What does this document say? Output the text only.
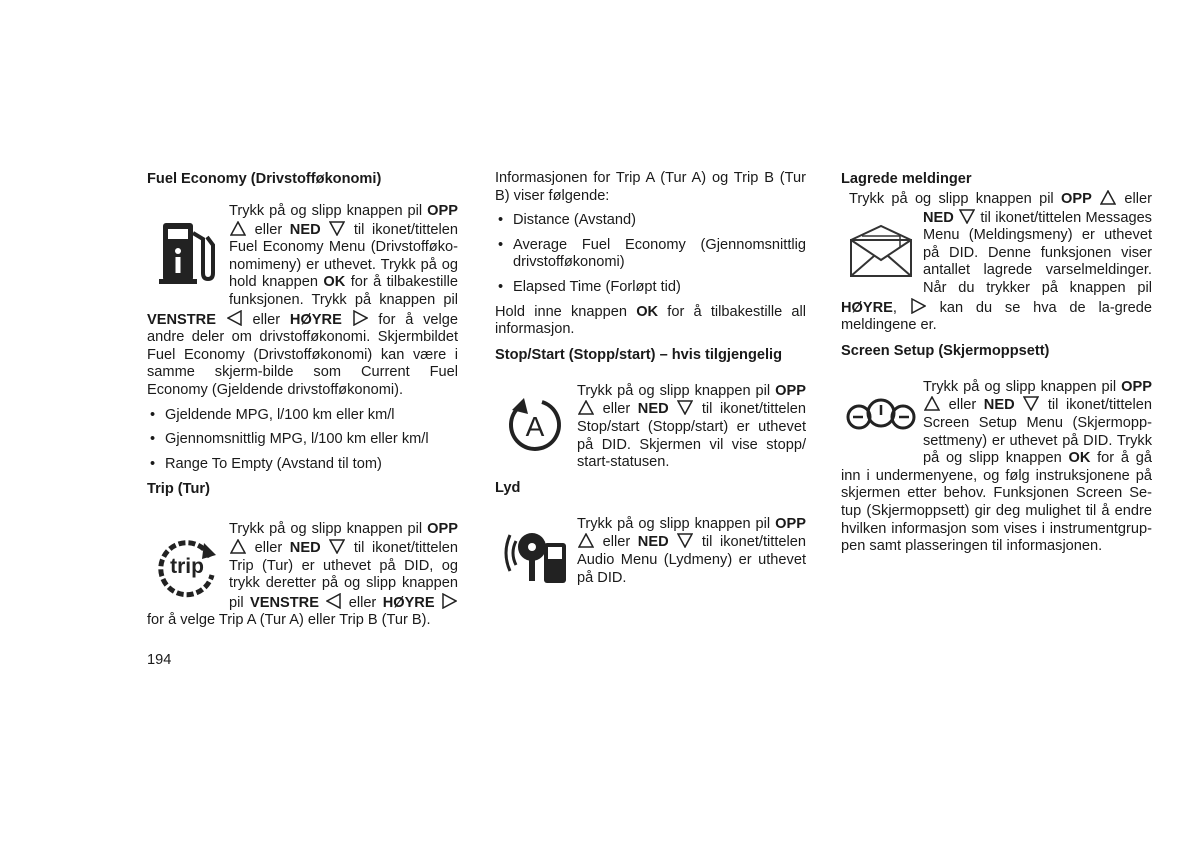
Fuel Economy (Drivstofføkonomi)

Trykk på og slipp knappen pil OPP  eller NED til ikonet/tittelen Fuel Economy Menu (Drivstofføko-nomimeny) er uthevet. Trykk på og hold knappen OK for å tilbakestille funksjonen. Trykk på knappen pil VENSTRE	eller HØYRE	for å velge andre deler om drivstofføkonomi. Skjermbildet Fuel Economy (Drivstofføkonomi) kan være i samme skjerm-bilde som Current Fuel Economy (Gjeldende drivstofføkonomi).

• Gjeldende MPG, l/100 km eller km/l
• Gjennomsnittlig MPG, l/100 km eller km/l
• Range To Empty (Avstand til tom)
Trip (Tur)
trip

Trykk på og slipp knappen pil OPP  eller NED til ikonet/tittelen Trip (Tur) er uthevet på DID, og trykk deretter på og slipp knappen pil VENSTRE eller HØYRE  for å velge Trip A (Tur A) eller Trip B (Tur B).

194

Informasjonen for Trip A (Tur A) og Trip B (Tur B) viser følgende:

• Distance (Avstand)
• Average Fuel Economy (Gjennomsnittlig drivstofføkonomi)
• Elapsed Time (Forløpt tid)

Hold inne knappen OK for å tilbakestille all informasjon.

Stop/Start (Stopp/start) – hvis tilgjengelig
A

Trykk på og slipp knappen pil OPP  eller NED til ikonet/tittelen Stop/start (Stopp/start) er uthevet på DID. Skjermen vil vise stopp/ start-statusen.

Lyd

Trykk på og slipp knappen pil OPP  eller NED til ikonet/tittelen Audio Menu (Lydmeny) er uthevet på DID.

Lagrede meldinger

Trykk på og slipp knappen pil OPP eller
NED til ikonet/tittelen Messages Menu (Meldingsmeny) er uthevet på DID. Denne funksjonen viser antallet lagrede varselmeldinger. Når du trykker på knappen pil HØYRE,  kan du se hva de la-grede meldingene er.

Screen Setup (Skjermoppsett)

Trykk på og slipp knappen pil OPP  eller NED til ikonet/tittelen Screen Setup Menu (Skjermopp-settmeny) er uthevet på DID. Trykk på og slipp knappen OK for å gå inn i undermenyene, og følg instruksjonene på skjermen etter behov. Funksjonen Screen Se-tup (Skjermoppsett) gir deg mulighet til å endre hvilken informasjon som vises i instrumentgrup-pen samt plasseringen til informasjonen.
